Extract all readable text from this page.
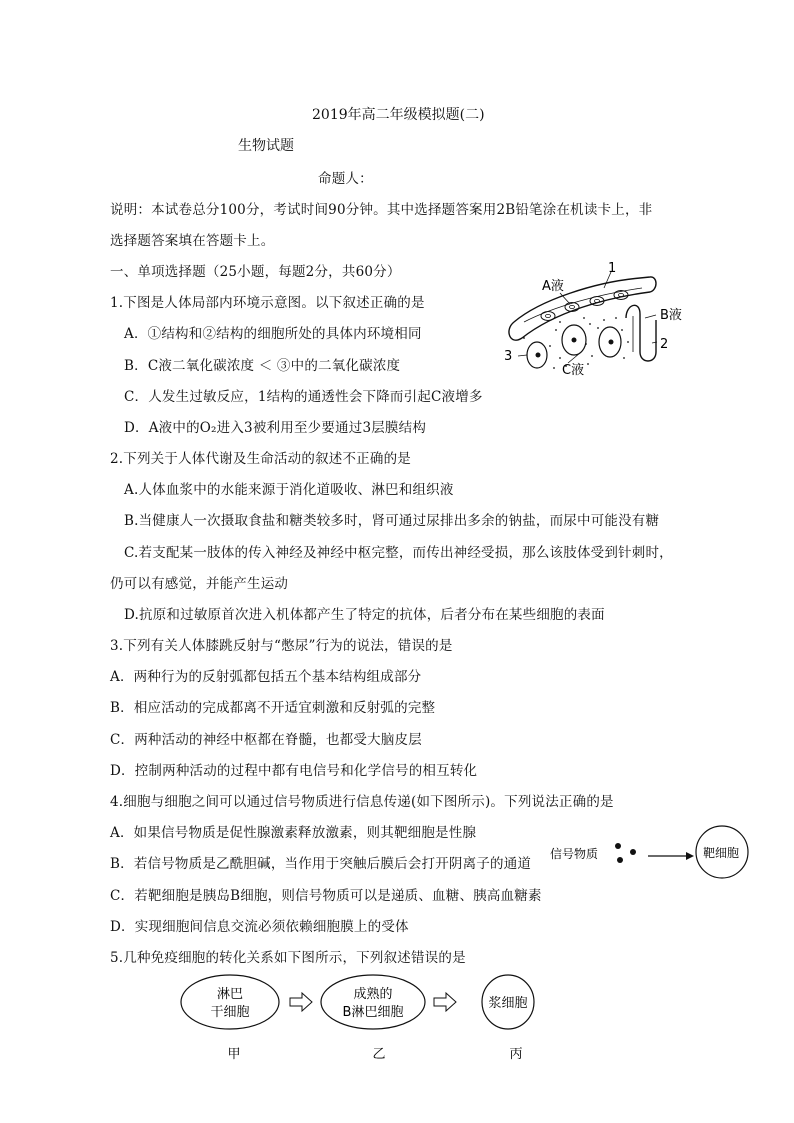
2019年高二年级模拟题(二)
生物试题
命题人：
说明：本试卷总分100分，考试时间90分钟。其中选择题答案用2B铅笔涂在机读卡上，非
选择题答案填在答题卡上。
一、单项选择题（25小题，每题2分，共60分）
1.下图是人体局部内环境示意图。以下叙述正确的是
A．①结构和②结构的细胞所处的具体内环境相同
B．C液二氧化碳浓度 ＜ ③中的二氧化碳浓度
C．人发生过敏反应，1结构的通透性会下降而引起C液增多
D．A液中的O₂进入3被利用至少要通过3层膜结构
A液
1
B液
2
3
C液
2.下列关于人体代谢及生命活动的叙述不正确的是
A.人体血浆中的水能来源于消化道吸收、淋巴和组织液
B.当健康人一次摄取食盐和糖类较多时，肾可通过尿排出多余的钠盐，而尿中可能没有糖
C.若支配某一肢体的传入神经及神经中枢完整，而传出神经受损，那么该肢体受到针刺时，
仍可以有感觉，并能产生运动
D.抗原和过敏原首次进入机体都产生了特定的抗体，后者分布在某些细胞的表面
3.下列有关人体膝跳反射与“憋尿”行为的说法，错误的是
A．两种行为的反射弧都包括五个基本结构组成部分
B．相应活动的完成都离不开适宜刺激和反射弧的完整
C．两种活动的神经中枢都在脊髓，也都受大脑皮层
D．控制两种活动的过程中都有电信号和化学信号的相互转化
4.细胞与细胞之间可以通过信号物质进行信息传递(如下图所示)。下列说法正确的是
A．如果信号物质是促性腺激素释放激素，则其靶细胞是性腺
B．若信号物质是乙酰胆碱，当作用于突触后膜后会打开阴离子的通道
C．若靶细胞是胰岛B细胞，则信号物质可以是递质、血糖、胰高血糖素
D．实现细胞间信息交流必须依赖细胞膜上的受体
信号物质	靶细胞
5.几种免疫细胞的转化关系如下图所示，下列叙述错误的是
淋巴
干细胞
成熟的
B淋巴细胞
浆细胞
甲	乙	丙
